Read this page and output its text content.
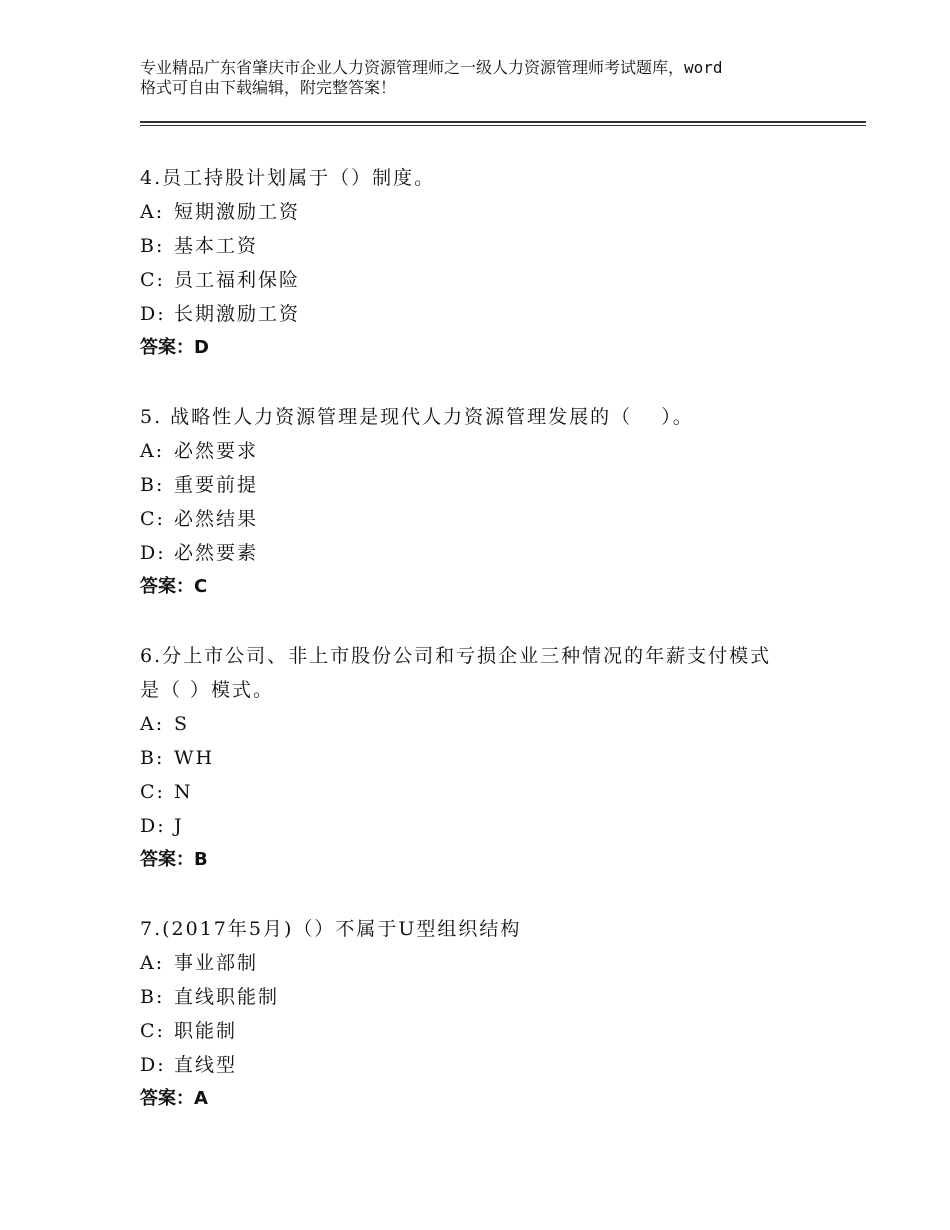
专业精品广东省肇庆市企业人力资源管理师之一级人力资源管理师考试题库，word
格式可自由下载编辑，附完整答案！
4.员工持股计划属于（）制度。
A: 短期激励工资
B: 基本工资
C: 员工福利保险
D: 长期激励工资
答案：D
5. 战略性人力资源管理是现代人力资源管理发展的（　 ）。
A: 必然要求
B: 重要前提
C: 必然结果
D: 必然要素
答案：C
6.分上市公司、非上市股份公司和亏损企业三种情况的年薪支付模式
是（ ）模式。
A: S
B: WH
C: N
D: J
答案：B
7.(2017年5月)（）不属于U型组织结构
A: 事业部制
B: 直线职能制
C: 职能制
D: 直线型
答案：A
